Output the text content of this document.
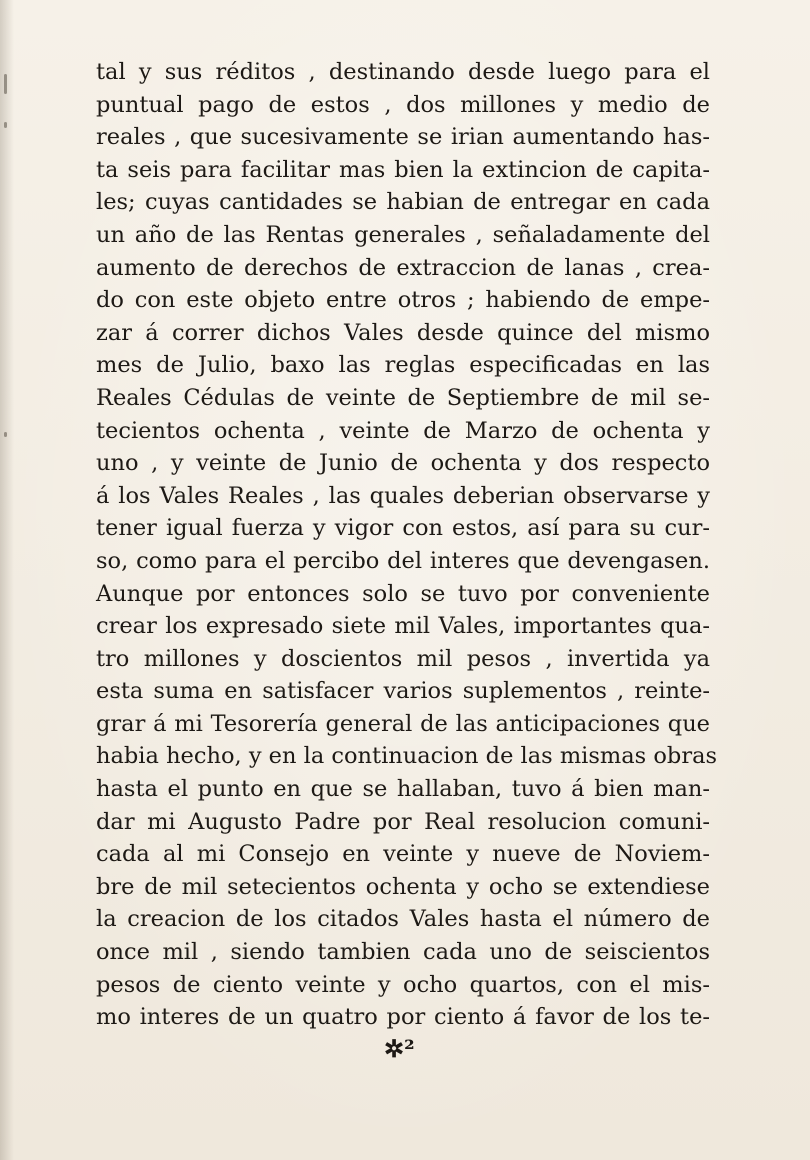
tal y sus réditos , destinando desde luego para el
puntual pago de estos , dos millones y medio de
reales , que sucesivamente se irian aumentando has-
ta seis para facilitar mas bien la extincion de capita-
les; cuyas cantidades se habian de entregar en cada
un año de las Rentas generales , señaladamente del
aumento de derechos de extraccion de lanas , crea-
do con este objeto entre otros ; habiendo de empe-
zar á correr dichos Vales desde quince del mismo
mes de Julio, baxo las reglas especificadas en las
Reales Cédulas de veinte de Septiembre de mil se-
tecientos ochenta , veinte de Marzo de ochenta y
uno , y veinte de Junio de ochenta y dos respecto
á los Vales Reales , las quales deberian observarse y
tener igual fuerza y vigor con estos, así para su cur-
so, como para el percibo del interes que devengasen.
Aunque por entonces solo se tuvo por conveniente
crear los expresado siete mil Vales, importantes qua-
tro millones y doscientos mil pesos , invertida ya
esta suma en satisfacer varios suplementos , reinte-
grar á mi Tesorería general de las anticipaciones que
habia hecho, y en la continuacion de las mismas obras
hasta el punto en que se hallaban, tuvo á bien man-
dar mi Augusto Padre por Real resolucion comuni-
cada al mi Consejo en veinte y nueve de Noviem-
bre de mil setecientos ochenta y ocho se extendiese
la creacion de los citados Vales hasta el número de
once mil , siendo tambien cada uno de seiscientos
pesos de ciento veinte y ocho quartos, con el mis-
mo interes de un quatro por ciento á favor de los te-
✲²
